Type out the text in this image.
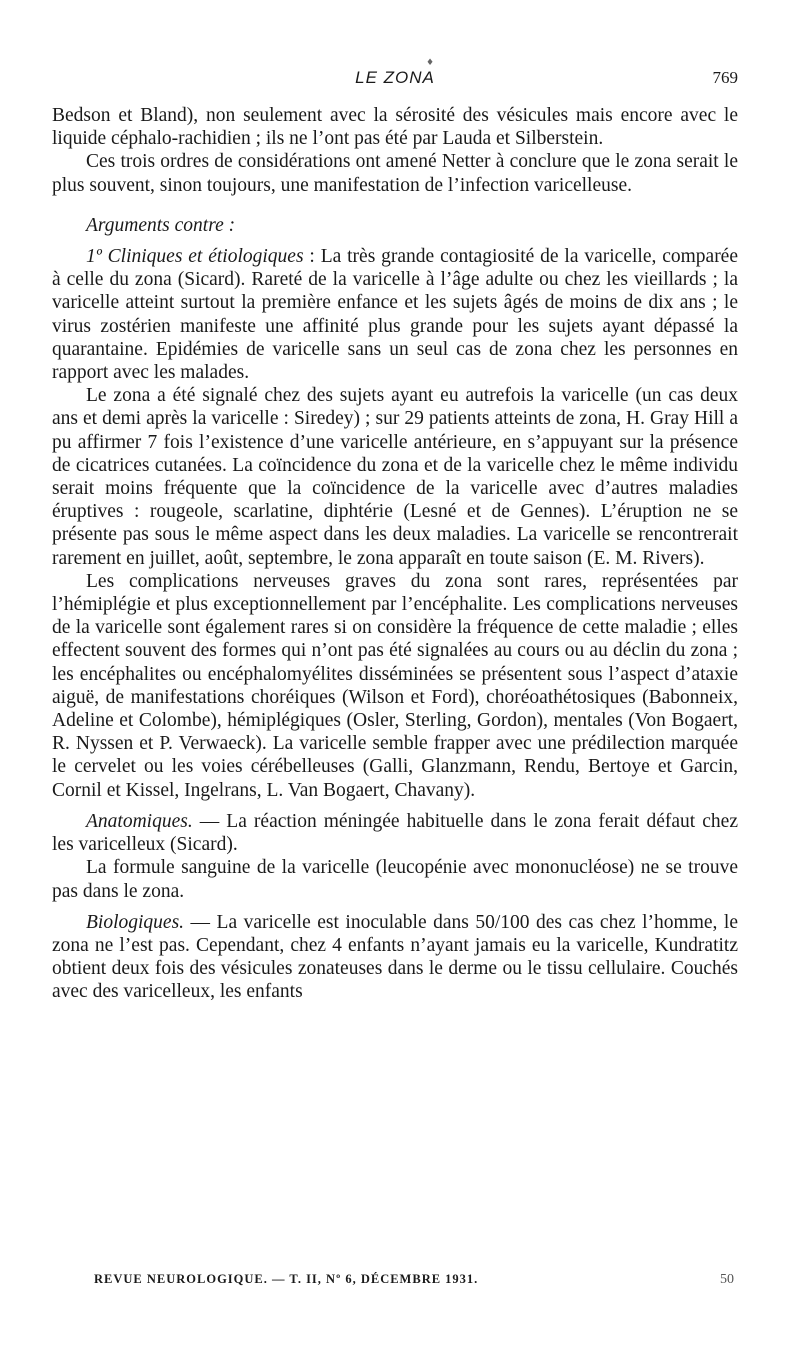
♦
LE ZONA	769

Bedson et Bland), non seulement avec la sérosité des vésicules mais encore avec le liquide céphalo-rachidien ; ils ne l’ont pas été par Lauda et Silberstein.

Ces trois ordres de considérations ont amené Netter à conclure que le zona serait le plus souvent, sinon toujours, une manifestation de l’infection varicelleuse.

Arguments contre :

1º Cliniques et étiologiques : La très grande contagiosité de la varicelle, comparée à celle du zona (Sicard). Rareté de la varicelle à l’âge adulte ou chez les vieillards ; la varicelle atteint surtout la première enfance et les sujets âgés de moins de dix ans ; le virus zostérien manifeste une affinité plus grande pour les sujets ayant dépassé la quarantaine. Epidémies de varicelle sans un seul cas de zona chez les personnes en rapport avec les malades.

Le zona a été signalé chez des sujets ayant eu autrefois la varicelle (un cas deux ans et demi après la varicelle : Siredey) ; sur 29 patients atteints de zona, H. Gray Hill a pu affirmer 7 fois l’existence d’une varicelle antérieure, en s’appuyant sur la présence de cicatrices cutanées. La coïncidence du zona et de la varicelle chez le même individu serait moins fréquente que la coïncidence de la varicelle avec d’autres maladies éruptives : rougeole, scarlatine, diphtérie (Lesné et de Gennes). L’éruption ne se présente pas sous le même aspect dans les deux maladies. La varicelle se rencontrerait rarement en juillet, août, septembre, le zona apparaît en toute saison (E. M. Rivers).

Les complications nerveuses graves du zona sont rares, représentées par l’hémiplégie et plus exceptionnellement par l’encéphalite. Les complications nerveuses de la varicelle sont également rares si on considère la fréquence de cette maladie ; elles effectent souvent des formes qui n’ont pas été signalées au cours ou au déclin du zona ; les encéphalites ou encéphalomyélites disséminées se présentent sous l’aspect d’ataxie aiguë, de manifestations choréiques (Wilson et Ford), choréoathétosiques (Babonneix, Adeline et Colombe), hémiplégiques (Osler, Sterling, Gordon), mentales (Von Bogaert, R. Nyssen et P. Verwaeck). La varicelle semble frapper avec une prédilection marquée le cervelet ou les voies cérébelleuses (Galli, Glanzmann, Rendu, Bertoye et Garcin, Cornil et Kissel, Ingelrans, L. Van Bogaert, Chavany).

Anatomiques. — La réaction méningée habituelle dans le zona ferait défaut chez les varicelleux (Sicard).

La formule sanguine de la varicelle (leucopénie avec mononucléose) ne se trouve pas dans le zona.

Biologiques. — La varicelle est inoculable dans 50/100 des cas chez l’homme, le zona ne l’est pas. Cependant, chez 4 enfants n’ayant jamais eu la varicelle, Kundratitz obtient deux fois des vésicules zonateuses dans le derme ou le tissu cellulaire. Couchés avec des varicelleux, les enfants

REVUE NEUROLOGIQUE. — T. II, Nº 6, DÉCEMBRE 1931.	50
